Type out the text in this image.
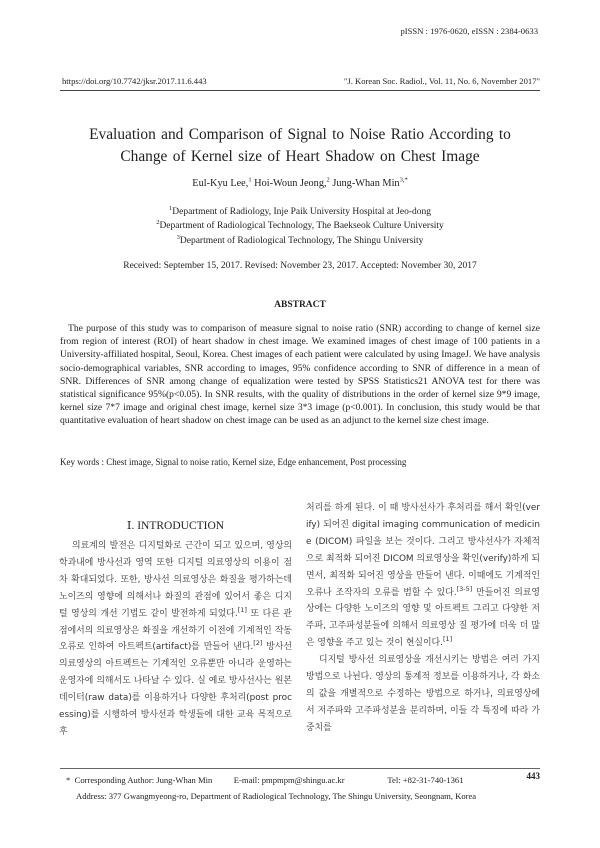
pISSN : 1976-0620, eISSN : 2384-0633
https://doi.org/10.7742/jksr.2017.11.6.443	"J. Korean Soc. Radiol., Vol. 11, No. 6, November 2017"
Evaluation and Comparison of Signal to Noise Ratio According to
Change of Kernel size of Heart Shadow on Chest Image
Eul-Kyu Lee,$^1$ Hoi-Woun Jeong,$^2$ Jung-Whan Min$^{3,*}$
$^1$Department of Radiology, Inje Paik University Hospital at Jeo-dong
$^2$Department of Radiological Technology, The Baekseok Culture University
$^3$Department of Radiological Technology, The Shingu University
Received: September 15, 2017. Revised: November 23, 2017. Accepted: November 30, 2017
ABSTRACT
The purpose of this study was to comparison of measure signal to noise ratio (SNR) according to change of kernel size from region of interest (ROI) of heart shadow in chest image. We examined images of chest image of 100 patients in a University-affiliated hospital, Seoul, Korea. Chest images of each patient were calculated by using ImageJ. We have analysis socio-demographical variables, SNR according to images, 95% confidence according to SNR of difference in a mean of SNR. Differences of SNR among change of equalization were tested by SPSS Statistics21 ANOVA test for there was statistical significance 95%(p<0.05). In SNR results, with the quality of distributions in the order of kernel size 9*9 image, kernel size 7*7 image and original chest image, kernel size 3*3 image (p<0.001). In conclusion, this study would be that quantitative evaluation of heart shadow on chest image can be used as an adjunct to the kernel size chest image.
Key words : Chest image, Signal to noise ratio, Kernel size, Edge enhancement, Post processing
Ⅰ. INTRODUCTION

의료계의 발전은 디지털화로 근간이 되고 있으며, 영상의학과내에 방사선과 영역 또한 디지털 의료영상의 이용이 점차 확대되었다. 또한, 방사선 의료영상은 화질을 평가하는데 노이즈의 영향에 의해서나 화질의 관점에 있어서 좋은 디지털 영상의 개선 기법도 같이 발전하게 되었다.[1] 또 다른 관점에서의 의료영상은 화질을 개선하기 이전에 기계적인 작동오류로 인하여 아트펙트(artifact)를 만들어 낸다.[2] 방사선 의료영상의 아트펙트는 기계적인 오류뿐만 아니라 운영하는 운영자에 의해서도 나타날 수 있다. 실 예로 방사선사는 원본데이터(raw data)를 이용하거나 다양한 후처리(post processing)를 시행하여 방사선과 학생들에 대한 교육 목적으로 후

처리를 하게 된다. 이 때 방사선사가 후처리를 해서 확인(verify) 되어진 digital imaging communication of medicine (DICOM) 파일을 보는 것이다. 그리고 방사선사가 자체적으로 최적화 되어진 DICOM 의료영상을 확인(verify)하게 되면서, 최적화 되어진 영상을 만들어 낸다. 이때에도 기계적인 오류나 조작자의 오류를 범할 수 있다.[3-5] 만들어진 의료영상에는 다양한 노이즈의 영향 및 아트펙트 그리고 다양한 저주파, 고주파성분들에 의해서 의료영상 질 평가에 더욱 더 많은 영향을 주고 있는 것이 현실이다.[1]

디지털 방사선 의료영상을 개선시키는 방법은 여러 가지 방법으로 나뉜다. 영상의 통계적 정보를 이용하거나, 각 화소의 값을 개별적으로 수정하는 방법으로 하거나, 의료영상에서 저주파와 고주파성분을 분리하며, 이들 각 특징에 따라 가중치를

*  Corresponding Author: Jung-Whan Min          E-mail: pmpmpm@shingu.ac.kr                    Tel: +82-31-740-1361
Address: 377 Gwangmyeong-ro, Department of Radiological Technology, The Shingu University, Seongnam, Korea
443
